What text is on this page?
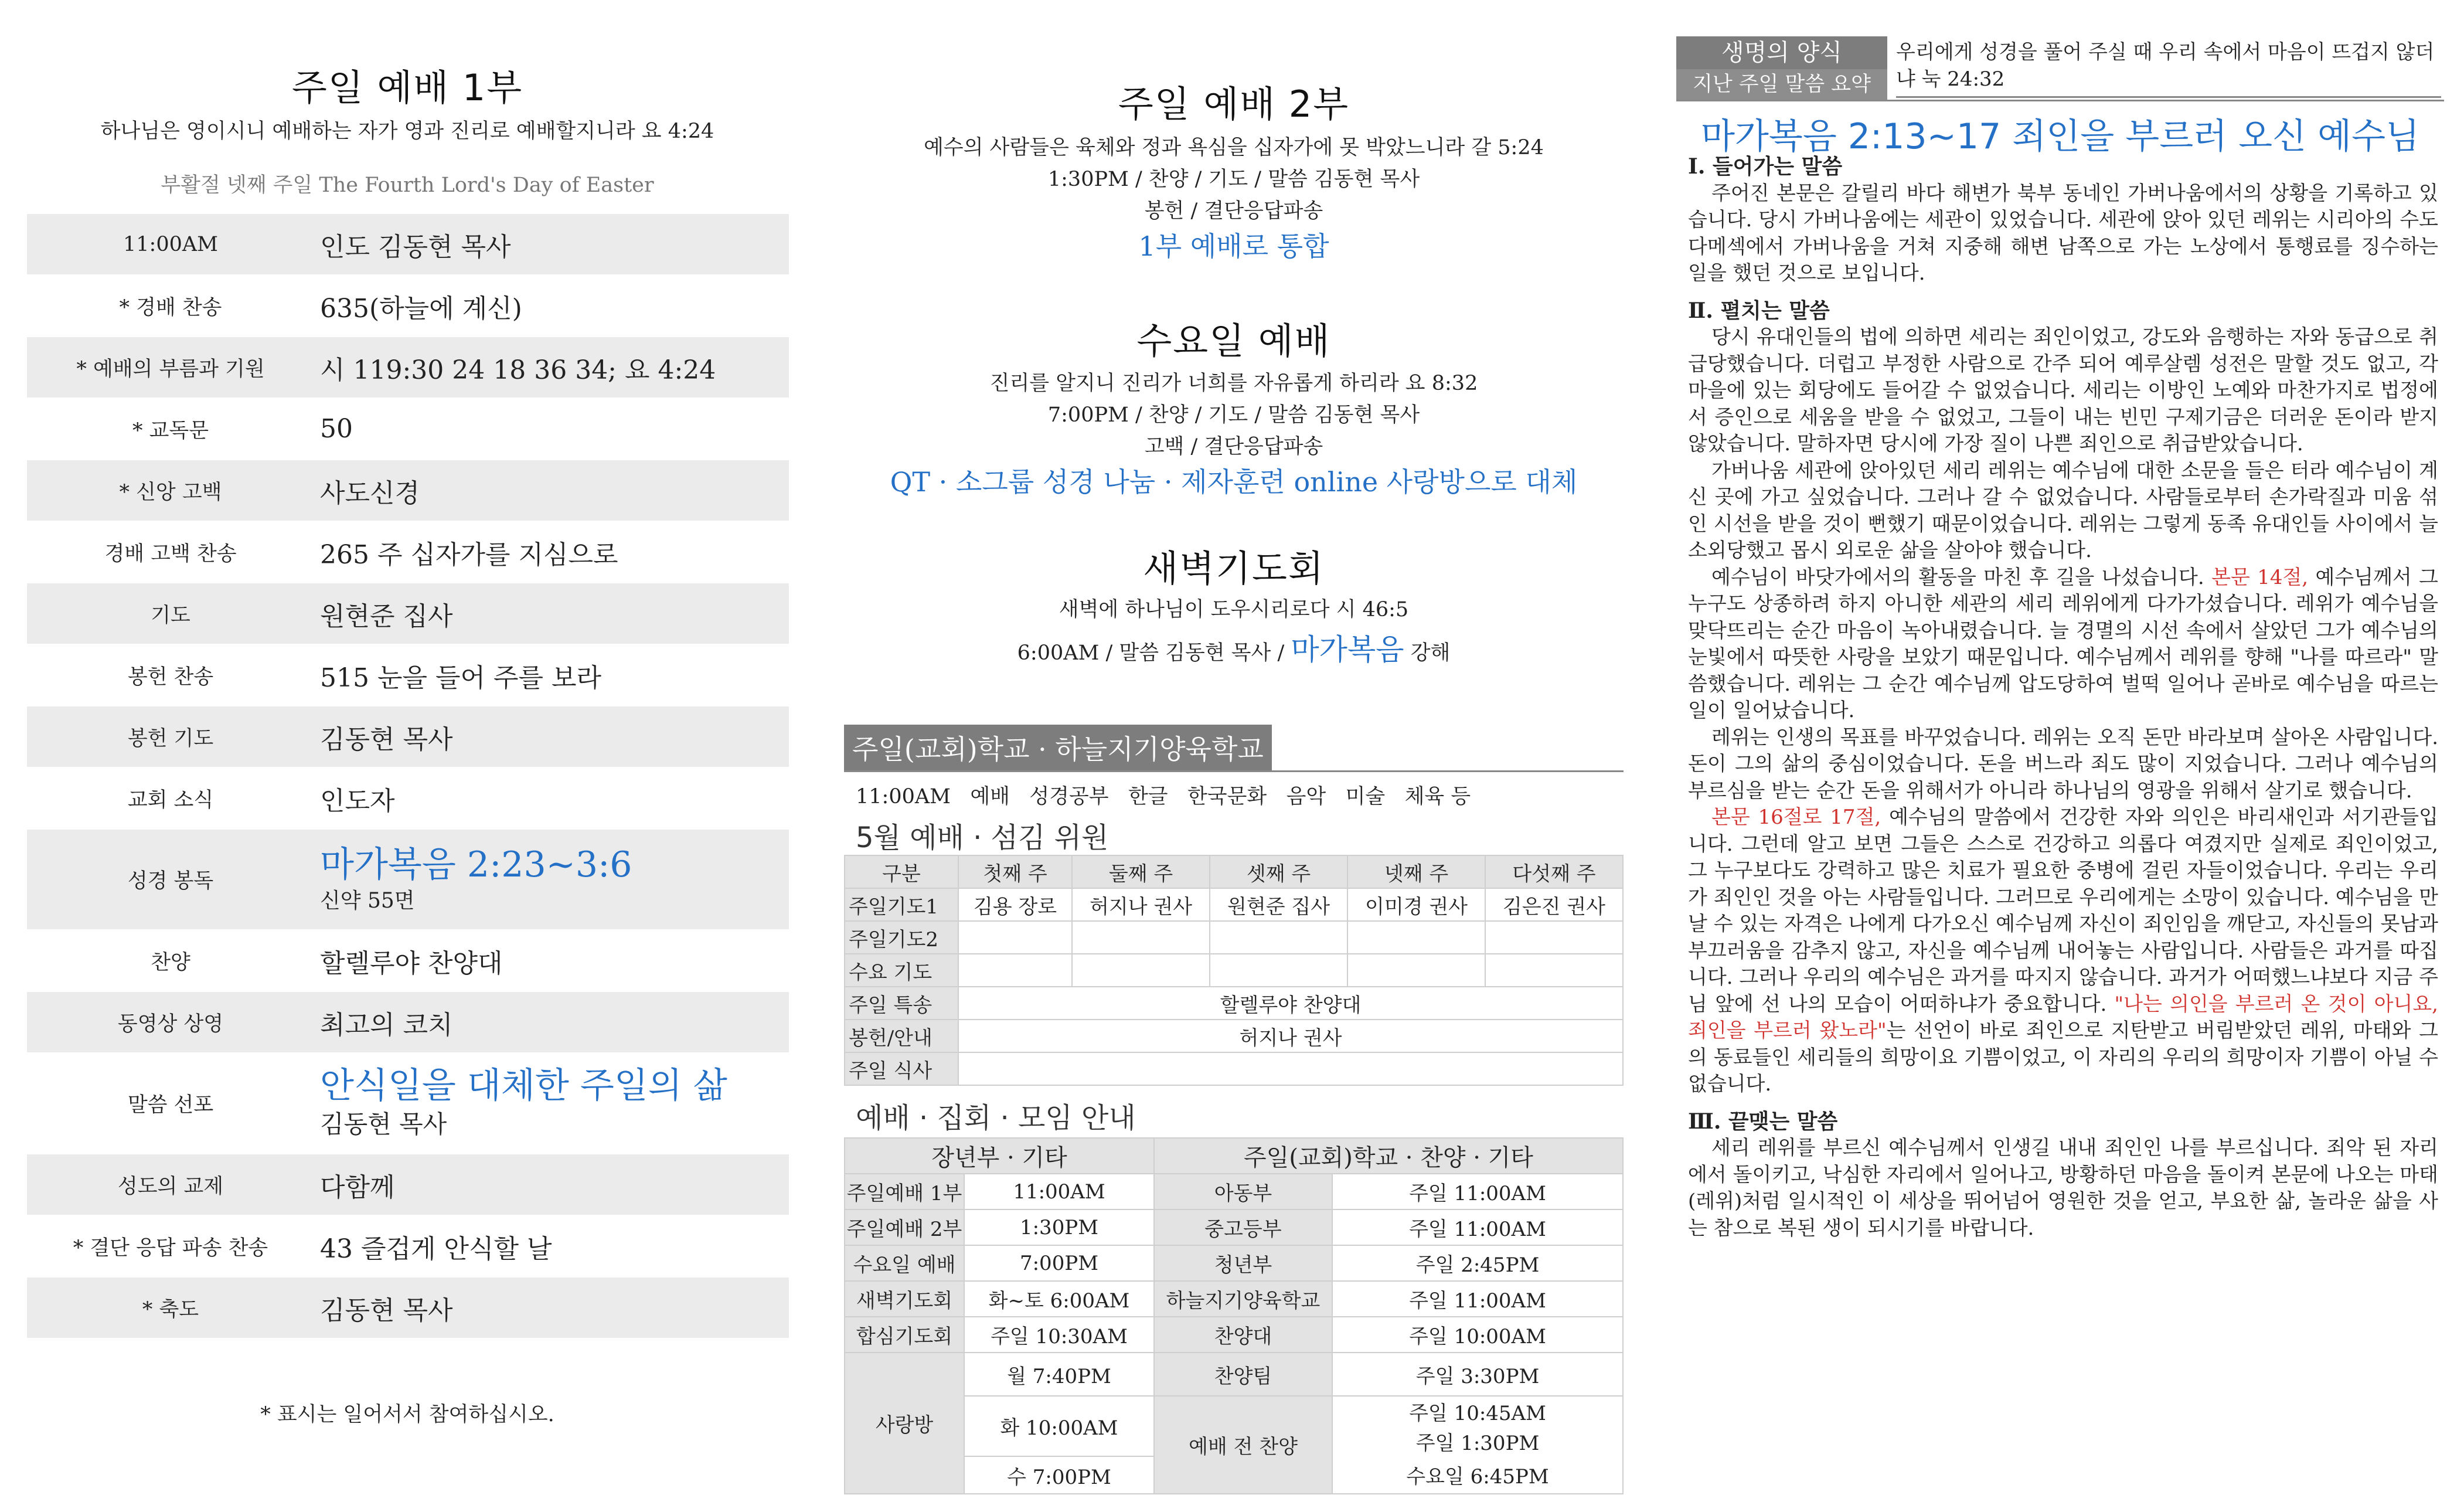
주일 예배 1부
하나님은 영이시니 예배하는 자가 영과 진리로 예배할지니라 요 4:24
부활절 넷째 주일 The Fourth Lord's Day of Easter
11:00AM	인도 김동현 목사
* 경배 찬송	635(하늘에 계신)
* 예배의 부름과 기원	시 119:30 24 18 36 34; 요 4:24
* 교독문	50
* 신앙 고백	사도신경
경배 고백 찬송	265 주 십자가를 지심으로
기도	원현준 집사
봉헌 찬송	515 눈을 들어 주를 보라
봉헌 기도	김동현 목사
교회 소식	인도자
성경 봉독	마가복음 2:23~3:6
신약 55면
찬양	할렐루야 찬양대
동영상 상영	최고의 코치
말씀 선포	안식일을 대체한 주일의 삶
김동현 목사
성도의 교제	다함께
* 결단 응답 파송 찬송	43 즐겁게 안식할 날
* 축도	김동현 목사
* 표시는 일어서서 참여하십시오.
주일 예배 2부
예수의 사람들은 육체와 정과 욕심을 십자가에 못 박았느니라 갈 5:24
1:30PM / 찬양 / 기도 / 말씀 김동현 목사
봉헌 / 결단응답파송
1부 예배로 통합
수요일 예배
진리를 알지니 진리가 너희를 자유롭게 하리라 요 8:32
7:00PM / 찬양 / 기도 / 말씀 김동현 목사
고백 / 결단응답파송
QT · 소그룹 성경 나눔 · 제자훈련 online 사랑방으로 대체
새벽기도회
새벽에 하나님이 도우시리로다 시 46:5
6:00AM / 말씀 김동현 목사 / 마가복음 강해
주일(교회)학교 · 하늘지기양육학교
11:00AM   예배   성경공부   한글   한국문화   음악   미술   체육 등
5월 예배 · 섬김 위원
구분	첫째 주	둘째 주	셋째 주	넷째 주	다섯째 주
주일기도1	김용 장로	허지나 권사	원현준 집사	이미경 권사	김은진 권사
주일기도2					
수요 기도					
주일 특송	할렐루야 찬양대				
봉헌/안내	허지나 권사				
주일 식사					
예배 · 집회 · 모임 안내
장년부 · 기타		주일(교회)학교 · 찬양 · 기타	
주일예배 1부	11:00AM	아동부	주일 11:00AM
주일예배 2부	1:30PM	중고등부	주일 11:00AM
수요일 예배	7:00PM	청년부	주일 2:45PM
새벽기도회	화~토 6:00AM	하늘지기양육학교	주일 11:00AM
합심기도회	주일 10:30AM	찬양대	주일 10:00AM
사랑방	월 7:40PM	찬양팀	주일 3:30PM
	화 10:00AM	예배 전 찬양	주일 10:45AM
			주일 1:30PM
	수 7:00PM		수요일 6:45PM
생명의 양식
지난 주일 말씀 요약
우리에게 성경을 풀어 주실 때 우리 속에서 마음이 뜨겁지 않더냐 눅 24:32
마가복음 2:13~17 죄인을 부르러 오신 예수님

Ⅰ. 들어가는 말씀

주어진 본문은 갈릴리 바다 해변가 북부 동네인 가버나움에서의 상황을 기록하고 있습니다. 당시 가버나움에는 세관이 있었습니다. 세관에 앉아 있던 레위는 시리아의 수도 다메섹에서 가버나움을 거쳐 지중해 해변 남쪽으로 가는 노상에서 통행료를 징수하는 일을 했던 것으로 보입니다.

Ⅱ. 펼치는 말씀

당시 유대인들의 법에 의하면 세리는 죄인이었고, 강도와 음행하는 자와 동급으로 취급당했습니다. 더럽고 부정한 사람으로 간주 되어 예루살렘 성전은 말할 것도 없고, 각 마을에 있는 회당에도 들어갈 수 없었습니다. 세리는 이방인 노예와 마찬가지로 법정에서 증인으로 세움을 받을 수 없었고, 그들이 내는 빈민 구제기금은 더러운 돈이라 받지 않았습니다. 말하자면 당시에 가장 질이 나쁜 죄인으로 취급받았습니다.

가버나움 세관에 앉아있던 세리 레위는 예수님에 대한 소문을 들은 터라 예수님이 계신 곳에 가고 싶었습니다. 그러나 갈 수 없었습니다. 사람들로부터 손가락질과 미움 섞인 시선을 받을 것이 뻔했기 때문이었습니다. 레위는 그렇게 동족 유대인들 사이에서 늘 소외당했고 몹시 외로운 삶을 살아야 했습니다.

예수님이 바닷가에서의 활동을 마친 후 길을 나섰습니다. 본문 14절, 예수님께서 그 누구도 상종하려 하지 아니한 세관의 세리 레위에게 다가가셨습니다. 레위가 예수님을 맞닥뜨리는 순간 마음이 녹아내렸습니다. 늘 경멸의 시선 속에서 살았던 그가 예수님의 눈빛에서 따뜻한 사랑을 보았기 때문입니다. 예수님께서 레위를 향해 "나를 따르라" 말씀했습니다. 레위는 그 순간 예수님께 압도당하여 벌떡 일어나 곧바로 예수님을 따르는 일이 일어났습니다.

레위는 인생의 목표를 바꾸었습니다. 레위는 오직 돈만 바라보며 살아온 사람입니다. 돈이 그의 삶의 중심이었습니다. 돈을 버느라 죄도 많이 지었습니다. 그러나 예수님의 부르심을 받는 순간 돈을 위해서가 아니라 하나님의 영광을 위해서 살기로 했습니다.

본문 16절로 17절, 예수님의 말씀에서 건강한 자와 의인은 바리새인과 서기관들입니다. 그런데 알고 보면 그들은 스스로 건강하고 의롭다 여겼지만 실제로 죄인이었고, 그 누구보다도 강력하고 많은 치료가 필요한 중병에 걸린 자들이었습니다. 우리는 우리가 죄인인 것을 아는 사람들입니다. 그러므로 우리에게는 소망이 있습니다. 예수님을 만날 수 있는 자격은 나에게 다가오신 예수님께 자신이 죄인임을 깨닫고, 자신들의 못남과 부끄러움을 감추지 않고, 자신을 예수님께 내어놓는 사람입니다. 사람들은 과거를 따집니다. 그러나 우리의 예수님은 과거를 따지지 않습니다. 과거가 어떠했느냐보다 지금 주님 앞에 선 나의 모습이 어떠하냐가 중요합니다. "나는 의인을 부르러 온 것이 아니요, 죄인을 부르러 왔노라"는 선언이 바로 죄인으로 지탄받고 버림받았던 레위, 마태와 그의 동료들인 세리들의 희망이요 기쁨이었고, 이 자리의 우리의 희망이자 기쁨이 아닐 수 없습니다.

Ⅲ. 끝맺는 말씀

세리 레위를 부르신 예수님께서 인생길 내내 죄인인 나를 부르십니다. 죄악 된 자리에서 돌이키고, 낙심한 자리에서 일어나고, 방황하던 마음을 돌이켜 본문에 나오는 마태(레위)처럼 일시적인 이 세상을 뛰어넘어 영원한 것을 얻고, 부요한 삶, 놀라운 삶을 사는 참으로 복된 생이 되시기를 바랍니다.
